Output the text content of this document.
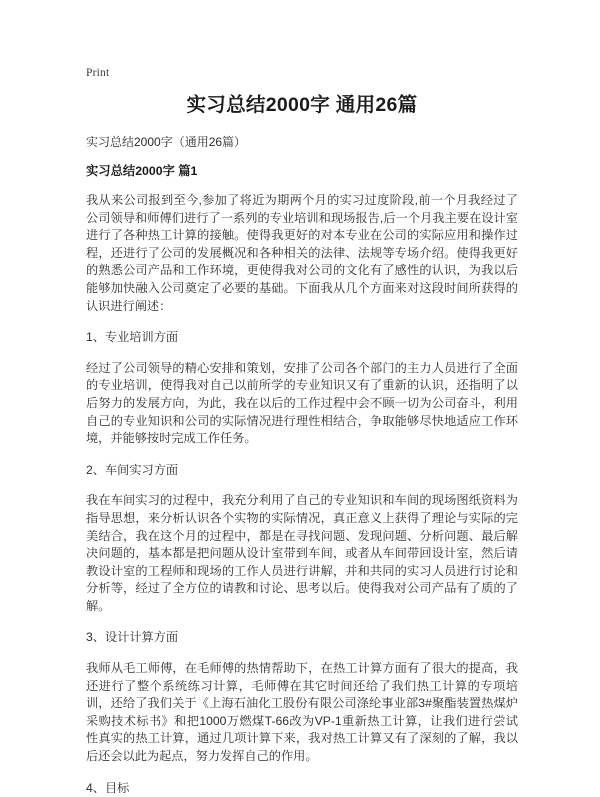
Print
实习总结2000字 通用26篇
实习总结2000字（通用26篇）
实习总结2000字 篇1
我从来公司报到至今,参加了将近为期两个月的实习过度阶段,前一个月我经过了公司领导和师傅们进行了一系列的专业培训和现场报告,后一个月我主要在设计室进行了各种热工计算的接触。使得我更好的对本专业在公司的实际应用和操作过程，还进行了公司的发展概况和各种相关的法律、法规等专场介绍。使得我更好的熟悉公司产品和工作环境，更使得我对公司的文化有了感性的认识，为我以后能够加快融入公司奠定了必要的基础。下面我从几个方面来对这段时间所获得的认识进行阐述：
1、专业培训方面
经过了公司领导的精心安排和策划，安排了公司各个部门的主力人员进行了全面的专业培训，使得我对自己以前所学的专业知识又有了重新的认识，还指明了以后努力的发展方向，为此，我在以后的工作过程中会不顾一切为公司奋斗，利用自己的专业知识和公司的实际情况进行理性相结合，争取能够尽快地适应工作环境，并能够按时完成工作任务。
2、车间实习方面
我在车间实习的过程中，我充分利用了自己的专业知识和车间的现场图纸资料为指导思想，来分析认识各个实物的实际情况，真正意义上获得了理论与实际的完美结合，我在这个月的过程中，都是在寻找问题、发现问题、分析问题、最后解决问题的，基本都是把问题从设计室带到车间，或者从车间带回设计室，然后请教设计室的工程师和现场的工作人员进行讲解，并和共同的实习人员进行讨论和分析等，经过了全方位的请教和讨论、思考以后。使得我对公司产品有了质的了解。
3、设计计算方面
我师从毛工师傅，在毛师傅的热情帮助下，在热工计算方面有了很大的提高，我还进行了整个系统练习计算，毛师傅在其它时间还给了我们热工计算的专项培训，还给了我们关于《上海石油化工股份有限公司涤纶事业部3#聚酯装置热煤炉采购技术标书》和把1000万燃煤T-66改为VP-1重新热工计算，让我们进行尝试性真实的热工计算，通过几项计算下来，我对热工计算又有了深刻的了解，我以后还会以此为起点，努力发挥自己的作用。
4、目标
